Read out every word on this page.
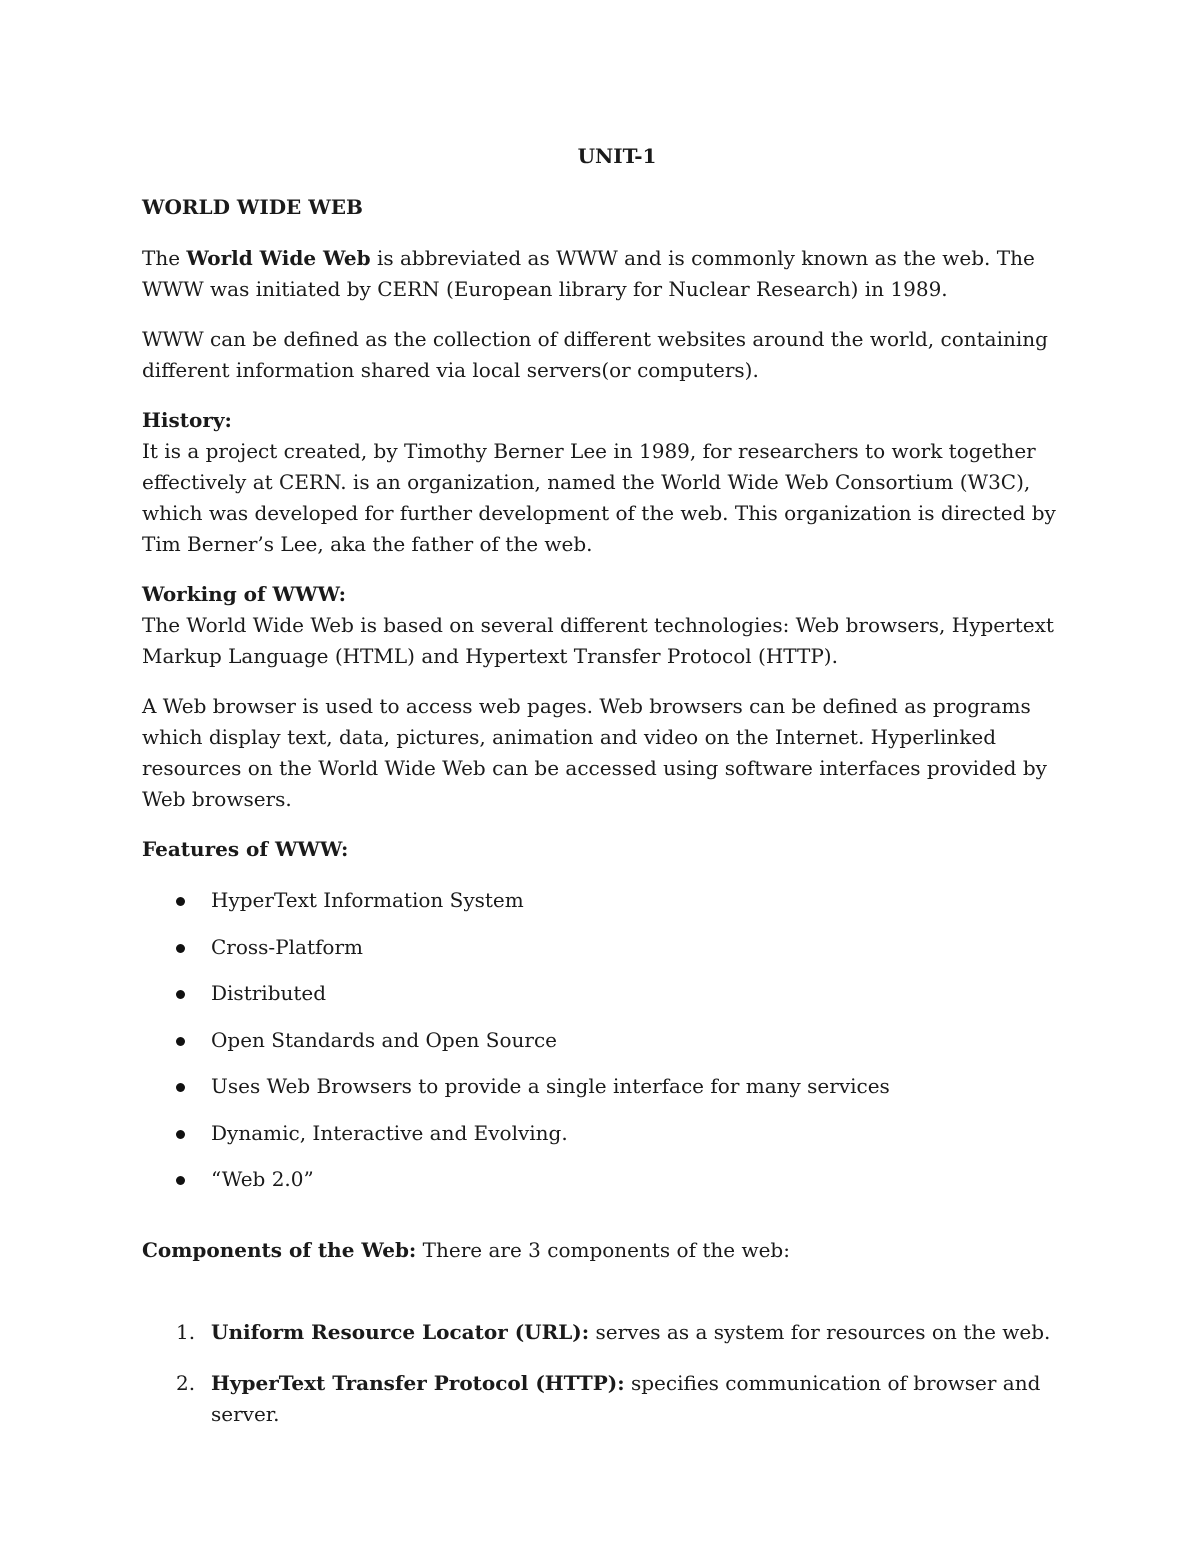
UNIT-1
WORLD WIDE WEB

The World Wide Web is abbreviated as WWW and is commonly known as the web. The WWW was initiated by CERN (European library for Nuclear Research) in 1989.

WWW can be defined as the collection of different websites around the world, containing different information shared via local servers(or computers).

History:

It is a project created, by Timothy Berner Lee in 1989, for researchers to work together effectively at CERN. is an organization, named the World Wide Web Consortium (W3C), which was developed for further development of the web. This organization is directed by Tim Berner’s Lee, aka the father of the web.

Working of WWW:

The World Wide Web is based on several different technologies: Web browsers, Hypertext Markup Language (HTML) and Hypertext Transfer Protocol (HTTP).

A Web browser is used to access web pages. Web browsers can be defined as programs which display text, data, pictures, animation and video on the Internet. Hyperlinked resources on the World Wide Web can be accessed using software interfaces provided by Web browsers.

Features of WWW:
HyperText Information System
Cross-Platform
Distributed
Open Standards and Open Source
Uses Web Browsers to provide a single interface for many services
Dynamic, Interactive and Evolving.
“Web 2.0”

Components of the Web: There are 3 components of the web:

1. Uniform Resource Locator (URL): serves as a system for resources on the web.
2. HyperText Transfer Protocol (HTTP): specifies communication of browser and server.
